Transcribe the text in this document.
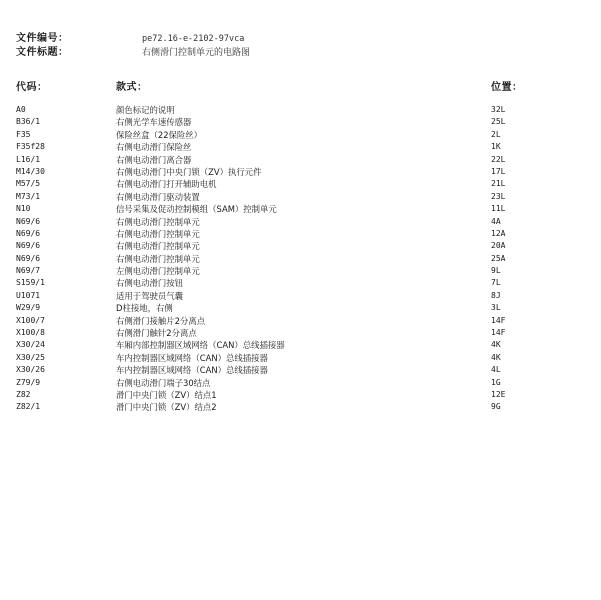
文件编号：	pe72.16-e-2102-97vca
文件标题：	右侧滑门控制单元的电路图
代码：	款式：	位置：
A0	颜色标记的说明	32L
B36/1	右侧光学车速传感器	25L
F35	保险丝盒（22保险丝）	2L
F35f28	右侧电动滑门保险丝	1K
L16/1	右侧电动滑门离合器	22L
M14/30	右侧电动滑门中央门锁（ZV）执行元件	17L
M57/5	右侧电动滑门打开辅助电机	21L
M73/1	右侧电动滑门驱动装置	23L
N10	信号采集及促动控制模组（SAM）控制单元	11L
N69/6	右侧电动滑门控制单元	4A
N69/6	右侧电动滑门控制单元	12A
N69/6	右侧电动滑门控制单元	20A
N69/6	右侧电动滑门控制单元	25A
N69/7	左侧电动滑门控制单元	9L
S159/1	右侧电动滑门按钮	7L
U1071	适用于驾驶员气囊	8J
W29/9	D柱接地，右侧	3L
X100/7	右侧滑门接触片2分离点	14F
X100/8	右侧滑门触针2分离点	14F
X30/24	车厢内部控制器区域网络（CAN）总线插接器	4K
X30/25	车内控制器区域网络（CAN）总线插接器	4K
X30/26	车内控制器区域网络（CAN）总线插接器	4L
Z79/9	右侧电动滑门端子30结点	1G
Z82	滑门中央门锁（ZV）结点1	12E
Z82/1	滑门中央门锁（ZV）结点2	9G
